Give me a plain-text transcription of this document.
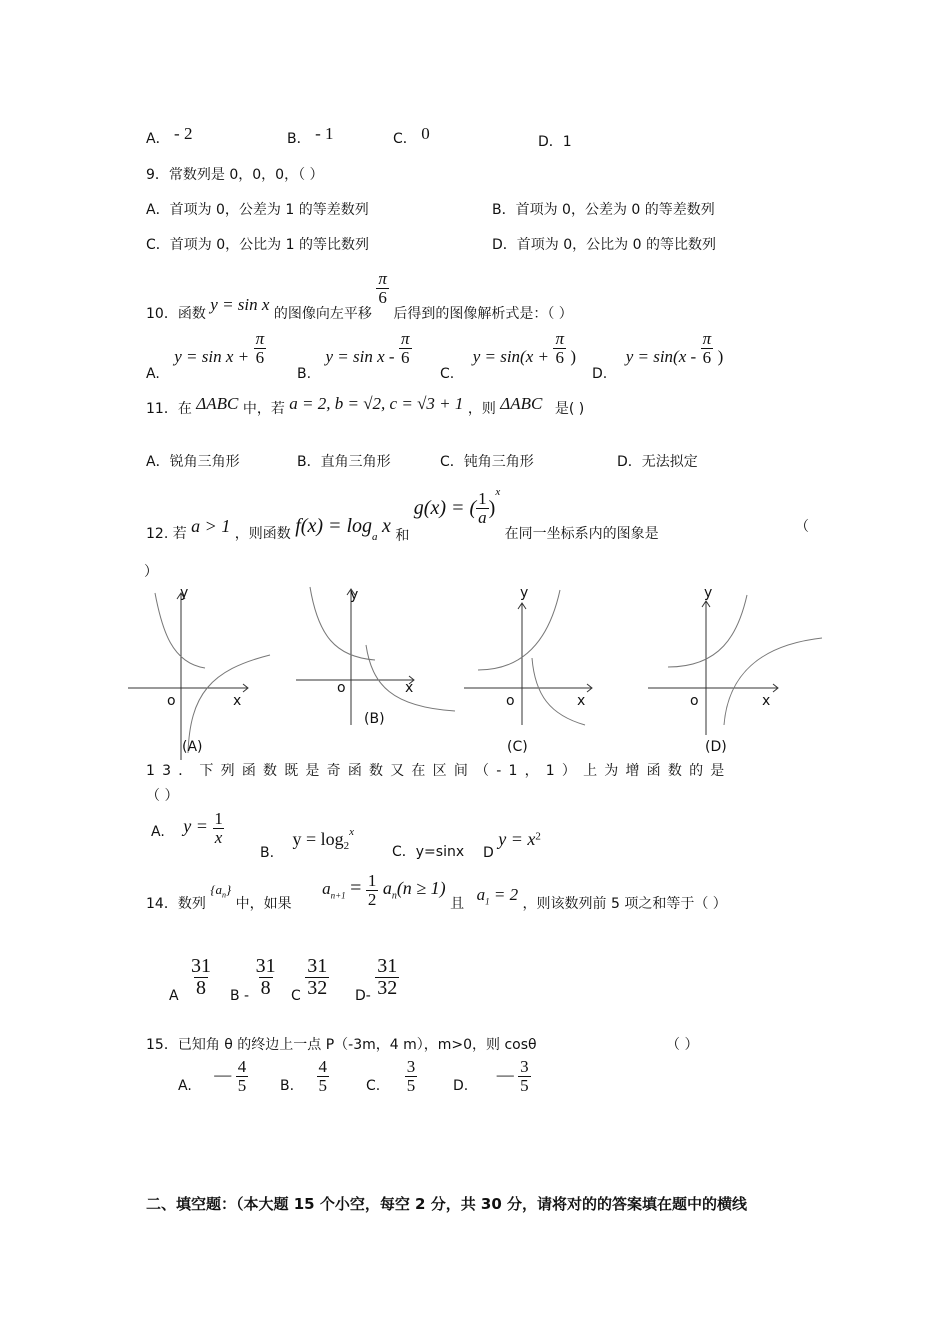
A． - 2	B． - 1	C． 0	D．1
9．常数列是 0，0，0，（ ）
A．首项为 0，公差为 1 的等差数列	B．首项为 0，公差为 0 的等差数列
C．首项为 0，公比为 1 的等比数列	D．首项为 0，公比为 0 的等比数列
10．函数 y = sin x 的图像向左平移
$\frac{\pi}{6}$
后得到的图像解析式是：（ ）
A. $y = \sin x + \frac{\pi}{6}$
B. $y = \sin x - \frac{\pi}{6}$
C. $y = \sin(x + \frac{\pi}{6}$ )
D. $y = \sin(x - \frac{\pi}{6}$ )
11．在 ΔABC 中，若 a = 2, b = √2, c = √3 + 1 ，则 ΔABC 是( )
A．锐角三角形	B．直角三角形	C．钝角三角形	D．无法拟定
12. 若 a > 1 ，则函数 $f(x) = \log_a x$ 和 g(x) = ( $\frac{1}{a} )^x$ 在同一坐标系内的图象是	（
）
y
x
o
(A)
y
x
o
(B)
y
x
o
(C)
y
x
o
(D)
13．下列函数既是奇函数又在区间（-1，1）上为增函数的是
（ ）
A. $y = \frac{1}{x}$
B. $y = \log_2^x$
C．y=sinx D $y = x^2$
14．数列 $\{a_n\}$ 中，如果 $a_{n+1} = \frac{1}{2} a_n(n \ge 1)$ 且 $a_1 = 2$ ，则该数列前 5 项之和等于（ ）
A $\frac{31}{8}$ B - $\frac{31}{8}$ C $\frac{31}{32} D- \frac{31}{32}$
15．已知角 θ 的终边上一点 P（-3m，4 m），m>0，则 cosθ	（ ）
A. — $\frac{4}{5} B$. $\frac{4}{5}$	C. $\frac{3}{5}$	D. — $\frac{3}{5}$
二、填空题：（本大题 15 个小空，每空 2 分，共 30 分，请将对的的答案填在题中的横线
